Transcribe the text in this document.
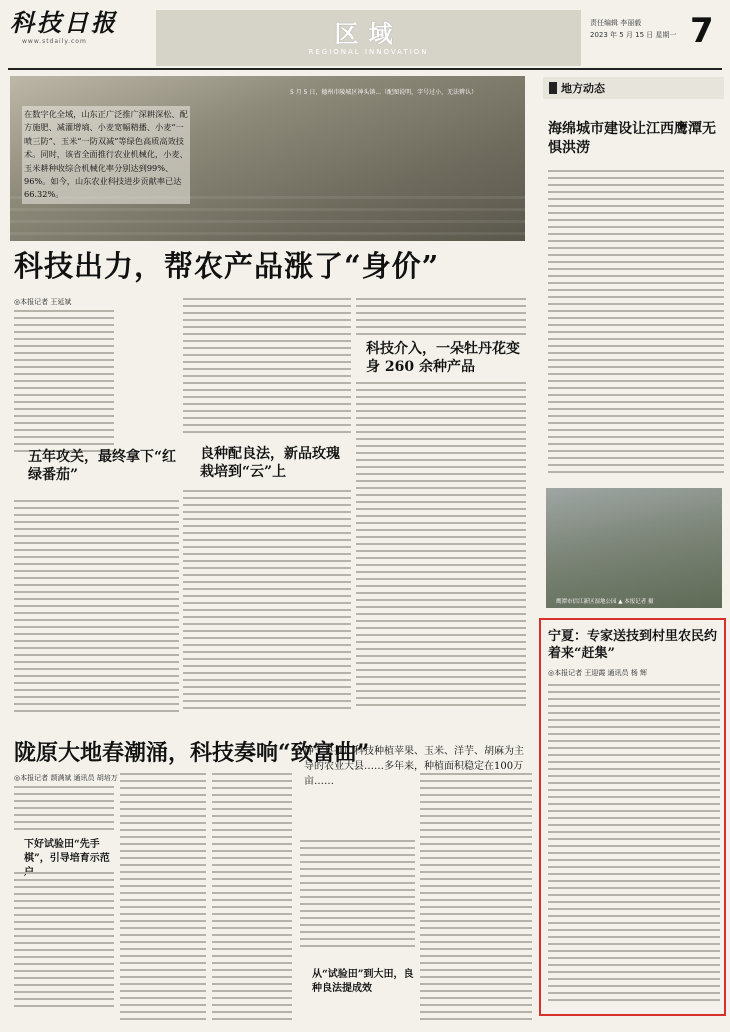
科技日报
www.stdaily.com	区域
REGIONAL INNOVATION
责任编辑 李丽毅
2023 年 5 月 15 日 星期一 7
5 月 5 日，德州市陵城区神头镇...（配图说明，字号过小，无法辨认）
在数字化全域，山东正广泛推广深耕深松、配方施肥、减灌增墒、小麦宽幅精播、小麦“一喷三防”、玉米“一防双减”等绿色高质高效技术。同时，该省全面推行农业机械化，小麦、玉米耕种收综合机械化率分别达到99%、96%。如今，山东农业科技进步贡献率已达66.32%。
科技出力，帮农产品涨了“身价”
◎本报记者 王延斌
五年攻关，最终拿下“红绿番茄”
良种配良法，新品玫瑰栽培到“云”上
科技介入，一朵牡丹花变身 260 余种产品
地方动态
海绵城市建设让江西鹰潭无惧洪涝
鹰潭市信江新区湿地公园 ▲ 本报记者 摄
宁夏：专家送技到村里农民约着来“赶集”
◎本报记者 王迎霞 通讯员 杨 辉
陇原大地春潮涌，科技奏响“致富曲”
◎本报记者 颉满斌 通讯员 胡培万
下好试验田“先手棋”，引导培育示范
静宁县推广科技种植苹果、玉米、洋芋、胡麻为主导的农业大县……多年来，种植面积稳定在100万亩……
从“试验田”到大田，良种良法提成效
